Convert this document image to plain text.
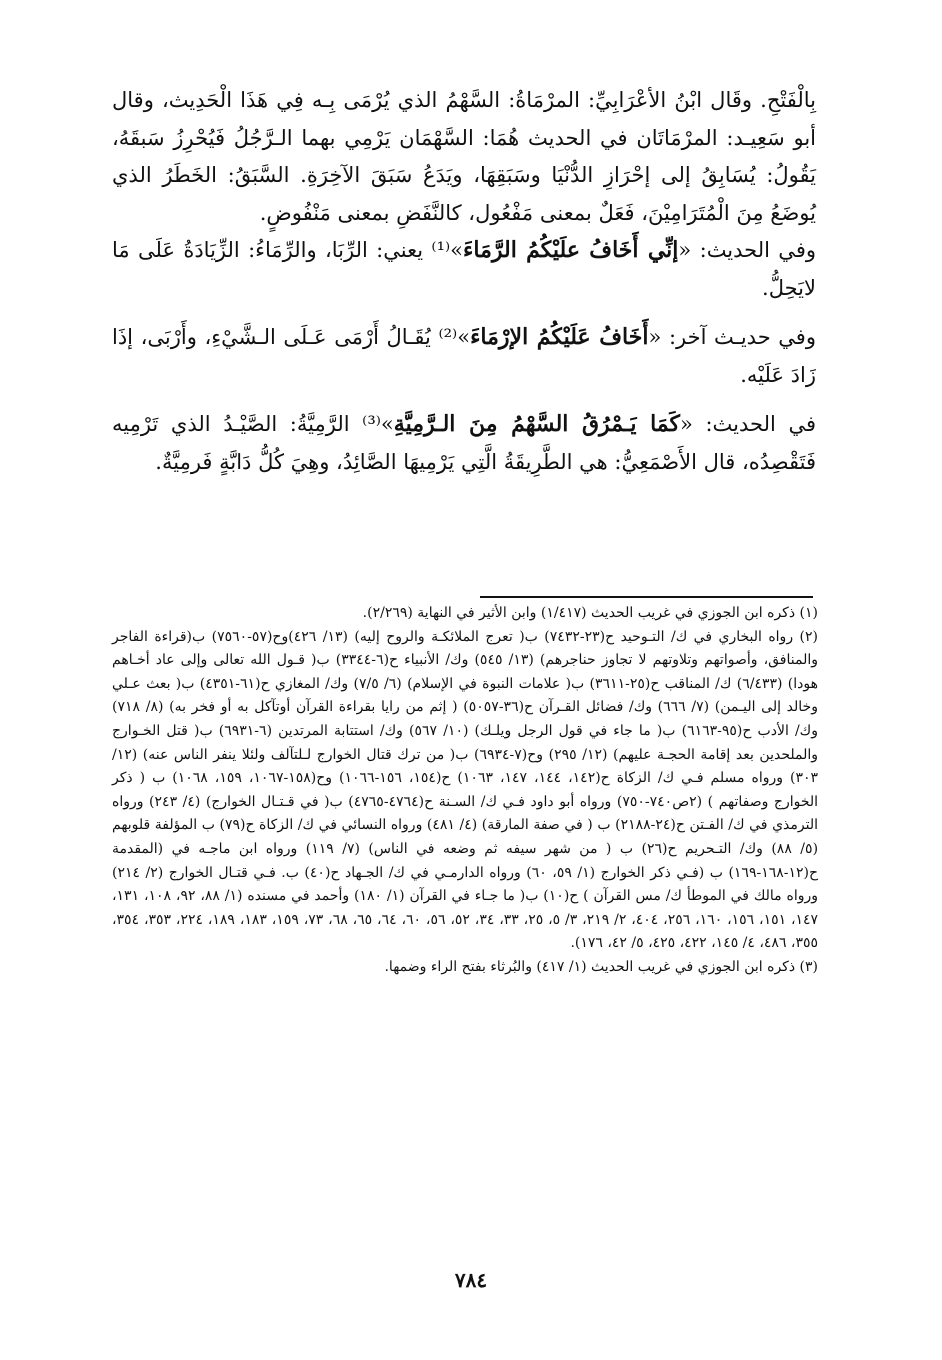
بِالْفَتْحِ. وقَال ابْنُ الأعْرَابِيِّ: المرْمَاةُ: السَّهْمُ الذي يُرْمَى بِـه فِي هَذَا الْحَدِيث، وقال أبو سَعِيـد: المرْمَاتَان في الحديث هُمَا: السَّهْمَان يَرْمِي بهما الـرَّجُلُ فَيُحْرِزُ سَبقَهُ، يَقُولُ: يُسَابِقُ إلى إحْرَازِ الدُّنْيَا وسَبَقِهَا، ويَدَعُ سَبَقَ الآخِرَةِ. السَّبَقُ: الخَطَرُ الذي يُوضَعُ مِنَ الْمُتَرَامِيْنَ، فَعَلٌ بمعنى مَفْعُول، كالنَّفَضِ بمعنى مَنْفُوضٍ.

وفي الحديث: «إنِّي أَخَافُ علَيْكُمُ الرَّمَاءَ»⁽¹⁾ يعني: الرِّبَا، والرِّمَاءُ: الزِّيَادَةُ عَلَى مَا لايَحِلُّ.

وفي حديـث آخر: «أَخَافُ عَلَيْكُمُ الإرْمَاءَ»⁽²⁾ يُقَـالُ أَرْمَى عَـلَى الـشَّيْءِ، وأَرْبَى، إذَا زَادَ عَلَيْه.

في الحديث: «كَمَا يَـمْرُقُ السَّهْمُ مِنَ الـرَّمِيَّةِ»⁽³⁾ الرَّمِيَّةُ: الصَّيْـدُ الذي تَرْمِيه فَتَقْصِدُه، قال الأَصْمَعِيُّ: هي الطَّرِيقَةُ الَّتِي يَرْمِيهَا الصَّائِدُ، وهِيَ كُلُّ دَابَّةٍ فَرمِيَّةٌ.

(١) ذكره ابن الجوزي في غريب الحديث (١/٤١٧) وابن الأثير في النهاية (٢/٢٦٩).

(٢) رواه البخاري في ك/ التـوحيد ح(٢٣-٧٤٣٢) ب( تعرج الملائكـة والروح إليه) (١٣/ ٤٢٦)وح(٥٧-٧٥٦٠) ب(قراءة الفاجر والمنافق، وأصواتهم وتلاوتهم لا تجاوز حناجرهم) (١٣/ ٥٤٥) وك/ الأنبياء ح(٦-٣٣٤٤) ب( قـول الله تعالى وإلى عاد أخـاهم هودا) (٦/٤٣٣) ك/ المناقب ح(٢٥-٣٦١١) ب( علامات النبوة في الإسلام) (٦/ ٧/٥) وك/ المغازي ح(٦١-٤٣٥١) ب( بعث عـلي وخالد إلى اليـمن) (٧/ ٦٦٦) وك/ فضائل القـرآن ح(٣٦-٥٠٥٧) ( إثم من رايا بقراءة القرآن أوتآكل به أو فخر به) (٨/ ٧١٨) وك/ الأدب ح(٩٥-٦١٦٣) ب( ما جاء في قول الرجل ويلـك) (١٠/ ٥٦٧) وك/ استتابة المرتدين (٦-٦٩٣١) ب( قتل الخـوارج والملحدين بعد إقامة الحجـة عليهم) (١٢/ ٢٩٥) وح(٧-٦٩٣٤) ب( من ترك قتال الخوارج لـلتآلف ولئلا ينفر الناس عنه) (١٢/ ٣٠٣) ورواه مسلم فـي ك/ الزكاة ح(١٤٢، ١٤٤، ١٤٧، ١٠٦٣) ح(١٥٤، ١٥٦-١٠٦٦) وح(١٥٨-١٠٦٧، ١٥٩، ١٠٦٨) ب ( ذكر الخوارج وصفاتهم ) (٢ص٧٤٠-٧٥٠) ورواه أبو داود فـي ك/ السـنة ح(٤٧٦٤-٤٧٦٥) ب( في قـتـال الخوارج) (٤/ ٢٤٣) ورواه الترمذي في ك/ الفـتن ح(٢٤-٢١٨٨) ب ( في صفة المارقة) (٤/ ٤٨١) ورواه النسائي في ك/ الزكاة ح(٧٩) ب المؤلفة قلوبهم (٥/ ٨٨) وك/ التـحريم ح(٢٦) ب ( من شهر سيفه ثم وضعه في الناس) (٧/ ١١٩) ورواه ابن ماجـه في (المقدمة ح(١٢-١٦٨-١٦٩) ب (فـي ذكر الخوارج (١/ ٥٩، ٦٠) ورواه الدارمـي في ك/ الجـهاد ح(٤٠) ب. فـي قتـال الخوارج (٢/ ٢١٤) ورواه مالك في الموطأ ك/ مس القرآن ) ح(١٠) ب( ما جـاء في القرآن (١/ ١٨٠) وأحمد في مسنده (١/ ٨٨، ٩٢، ١٠٨، ١٣١، ١٤٧، ١٥١، ١٥٦، ١٦٠، ٢٥٦، ٤٠٤، ٢/ ٢١٩، ٣/ ٥، ٢٥، ٣٣، ٣٤، ٥٢، ٥٦، ٦٠، ٦٤، ٦٥، ٦٨، ٧٣، ١٥٩، ١٨٣، ١٨٩، ٢٢٤، ٣٥٣، ٣٥٤، ٣٥٥، ٤٨٦، ٤/ ١٤٥، ٤٢٢، ٤٢٥، ٥/ ٤٢، ١٧٦).

(٣) ذكره ابن الجوزي في غريب الحديث (١/ ٤١٧) والبُرثاء بفتح الراء وضمها.

٧٨٤
